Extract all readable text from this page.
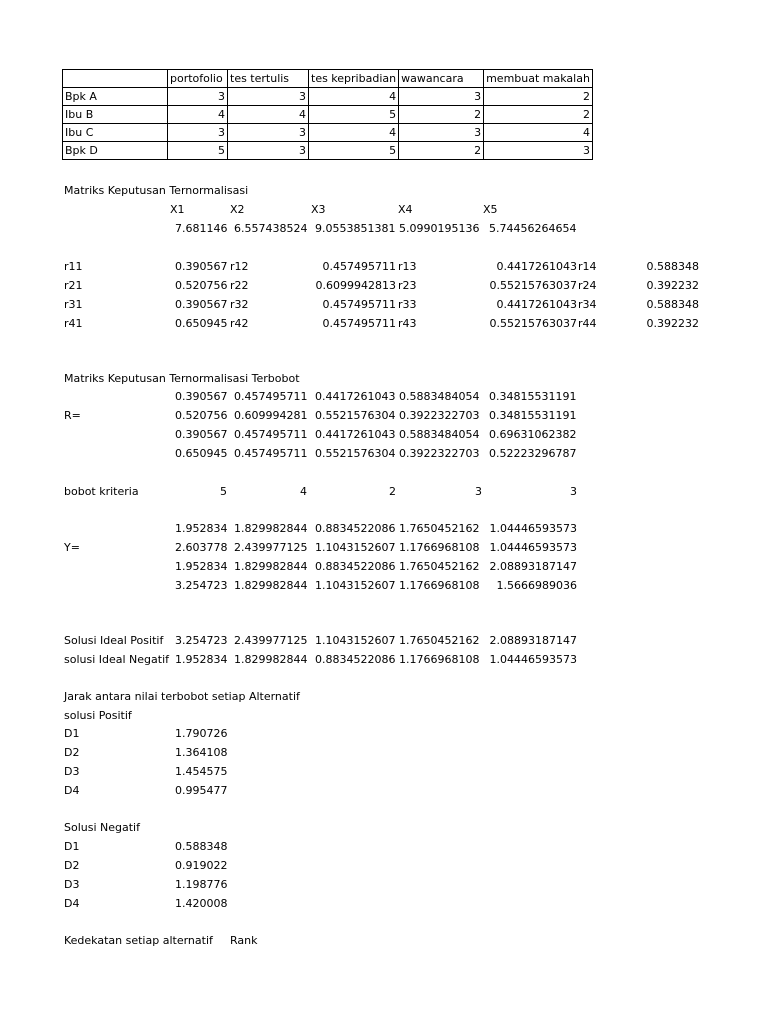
	portofolio	tes tertulis	tes kepribadian	wawancara	membuat makalah
Bpk A	3	3	4	3	2
Ibu B	4	4	5	2	2
Ibu C	3	3	4	3	4
Bpk D	5	3	5	2	3
Matriks Keputusan Ternormalisasi
X1	X2	X3	X4	X5
7.681146 6.557438524 9.0553851381 5.0990195136 5.74456264654
r11	0.390567 r12	0.457495711 r13	0.4417261043 r14	0.588348
r21	0.520756 r22	0.6099942813 r23	0.55215763037 r24	0.392232
r31	0.390567 r32	0.457495711 r33	0.4417261043 r34	0.588348
r41	0.650945 r42	0.457495711 r43	0.55215763037 r44	0.392232
Matriks Keputusan Ternormalisasi Terbobot
R=
0.390567 0.457495711 0.4417261043 0.5883484054 0.34815531191
0.520756 0.609994281 0.5521576304 0.3922322703 0.34815531191
0.390567 0.457495711 0.4417261043 0.5883484054 0.69631062382
0.650945 0.457495711 0.5521576304 0.3922322703 0.52223296787
bobot kriteria	5	4	2	3	3
Y=
1.952834 1.829982844 0.8834522086 1.7650452162 1.04446593573
2.603778 2.439977125 1.1043152607 1.1766968108 1.04446593573
1.952834 1.829982844 0.8834522086 1.7650452162 2.08893187147
3.254723 1.829982844 1.1043152607 1.1766968108	1.5666989036
Solusi Ideal Positif 3.254723 2.439977125 1.1043152607 1.7650452162 2.08893187147
solusi Ideal Negatif 1.952834 1.829982844 0.8834522086 1.1766968108 1.04446593573
Jarak antara nilai terbobot setiap Alternatif
solusi Positif
D1	1.790726
D2	1.364108
D3	1.454575
D4	0.995477
Solusi Negatif
D1	0.588348
D2	0.919022
D3	1.198776
D4	1.420008
Kedekatan setiap alternatif Rank
